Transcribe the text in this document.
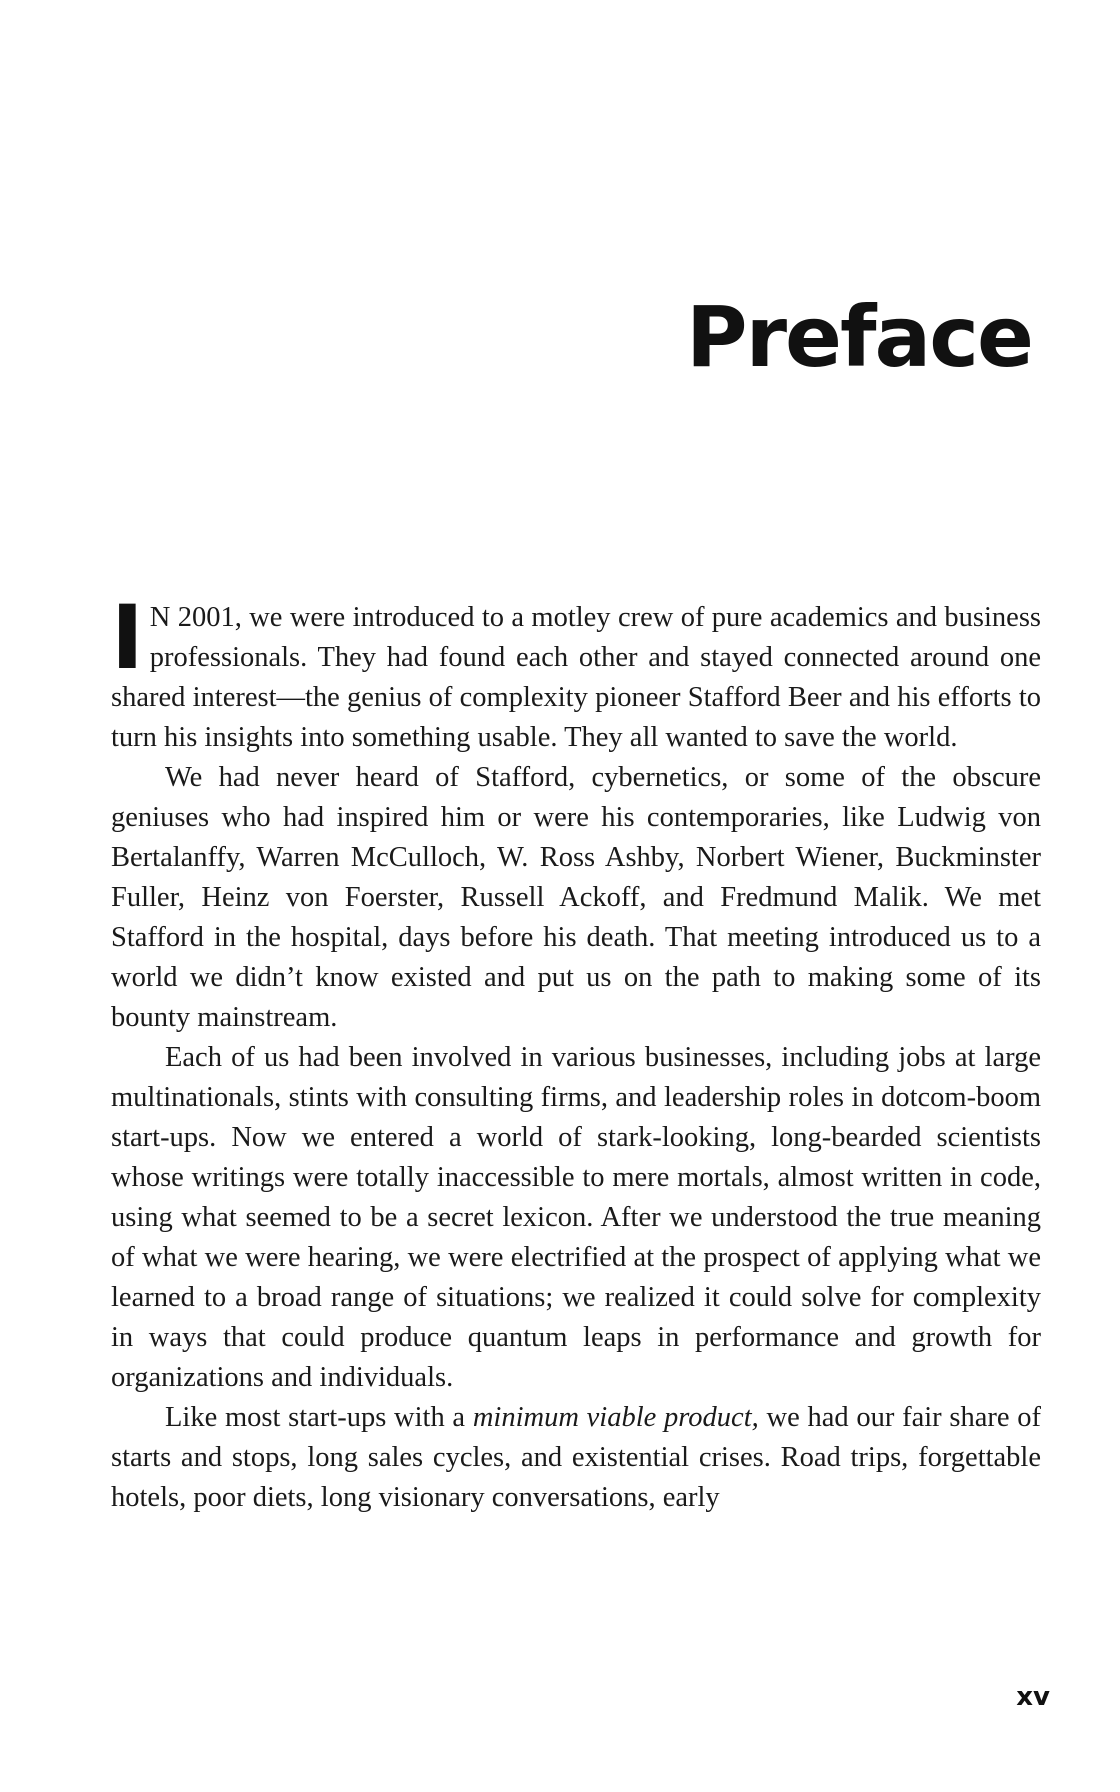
Preface

I N 2001, we were introduced to a motley crew of pure academics and business professionals. They had found each other and stayed connected around one shared interest—the genius of complexity pioneer Stafford Beer and his efforts to turn his insights into something usable. They all wanted to save the world.

We had never heard of Stafford, cybernetics, or some of the obscure geniuses who had inspired him or were his contemporaries, like Ludwig von Bertalanffy, Warren McCulloch, W. Ross Ashby, Norbert Wiener, Buckminster Fuller, Heinz von Foerster, Russell Ackoff, and Fredmund Malik. We met Stafford in the hospital, days before his death. That meeting introduced us to a world we didn’t know existed and put us on the path to making some of its bounty mainstream.

Each of us had been involved in various businesses, including jobs at large multinationals, stints with consulting firms, and leadership roles in dotcom-boom start-ups. Now we entered a world of stark-looking, long-bearded scientists whose writings were totally inaccessible to mere mortals, almost written in code, using what seemed to be a secret lexicon. After we understood the true meaning of what we were hearing, we were electrified at the prospect of applying what we learned to a broad range of situations; we realized it could solve for complexity in ways that could produce quantum leaps in performance and growth for organizations and individuals.

Like most start-ups with a minimum viable product, we had our fair share of starts and stops, long sales cycles, and existential crises. Road trips, forgettable hotels, poor diets, long visionary conversations, early

xv
